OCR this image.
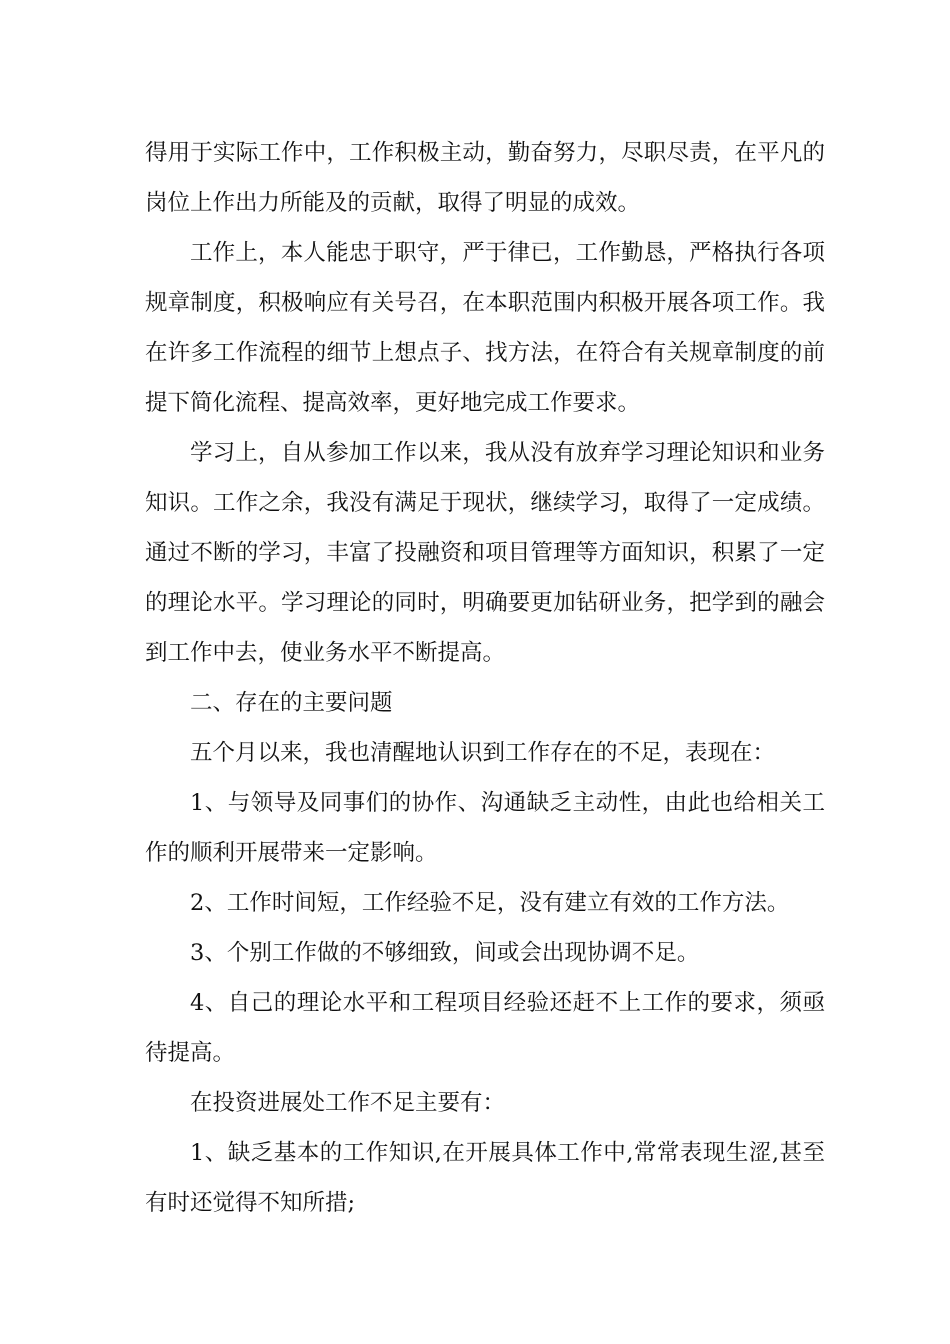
得用于实际工作中，工作积极主动，勤奋努力，尽职尽责，在平凡的岗位上作出力所能及的贡献，取得了明显的成效。

工作上，本人能忠于职守，严于律已，工作勤恳，严格执行各项规章制度，积极响应有关号召，在本职范围内积极开展各项工作。我在许多工作流程的细节上想点子、找方法，在符合有关规章制度的前提下简化流程、提高效率，更好地完成工作要求。

学习上，自从参加工作以来，我从没有放弃学习理论知识和业务知识。工作之余，我没有满足于现状，继续学习，取得了一定成绩。通过不断的学习，丰富了投融资和项目管理等方面知识，积累了一定的理论水平。学习理论的同时，明确要更加钻研业务，把学到的融会到工作中去，使业务水平不断提高。

二、存在的主要问题

五个月以来，我也清醒地认识到工作存在的不足，表现在：

1、与领导及同事们的协作、沟通缺乏主动性，由此也给相关工作的顺利开展带来一定影响。

2、工作时间短，工作经验不足，没有建立有效的工作方法。

3、个别工作做的不够细致，间或会出现协调不足。

4、自己的理论水平和工程项目经验还赶不上工作的要求，须亟待提高。

在投资进展处工作不足主要有：

1、缺乏基本的工作知识,在开展具体工作中,常常表现生涩,甚至有时还觉得不知所措;
